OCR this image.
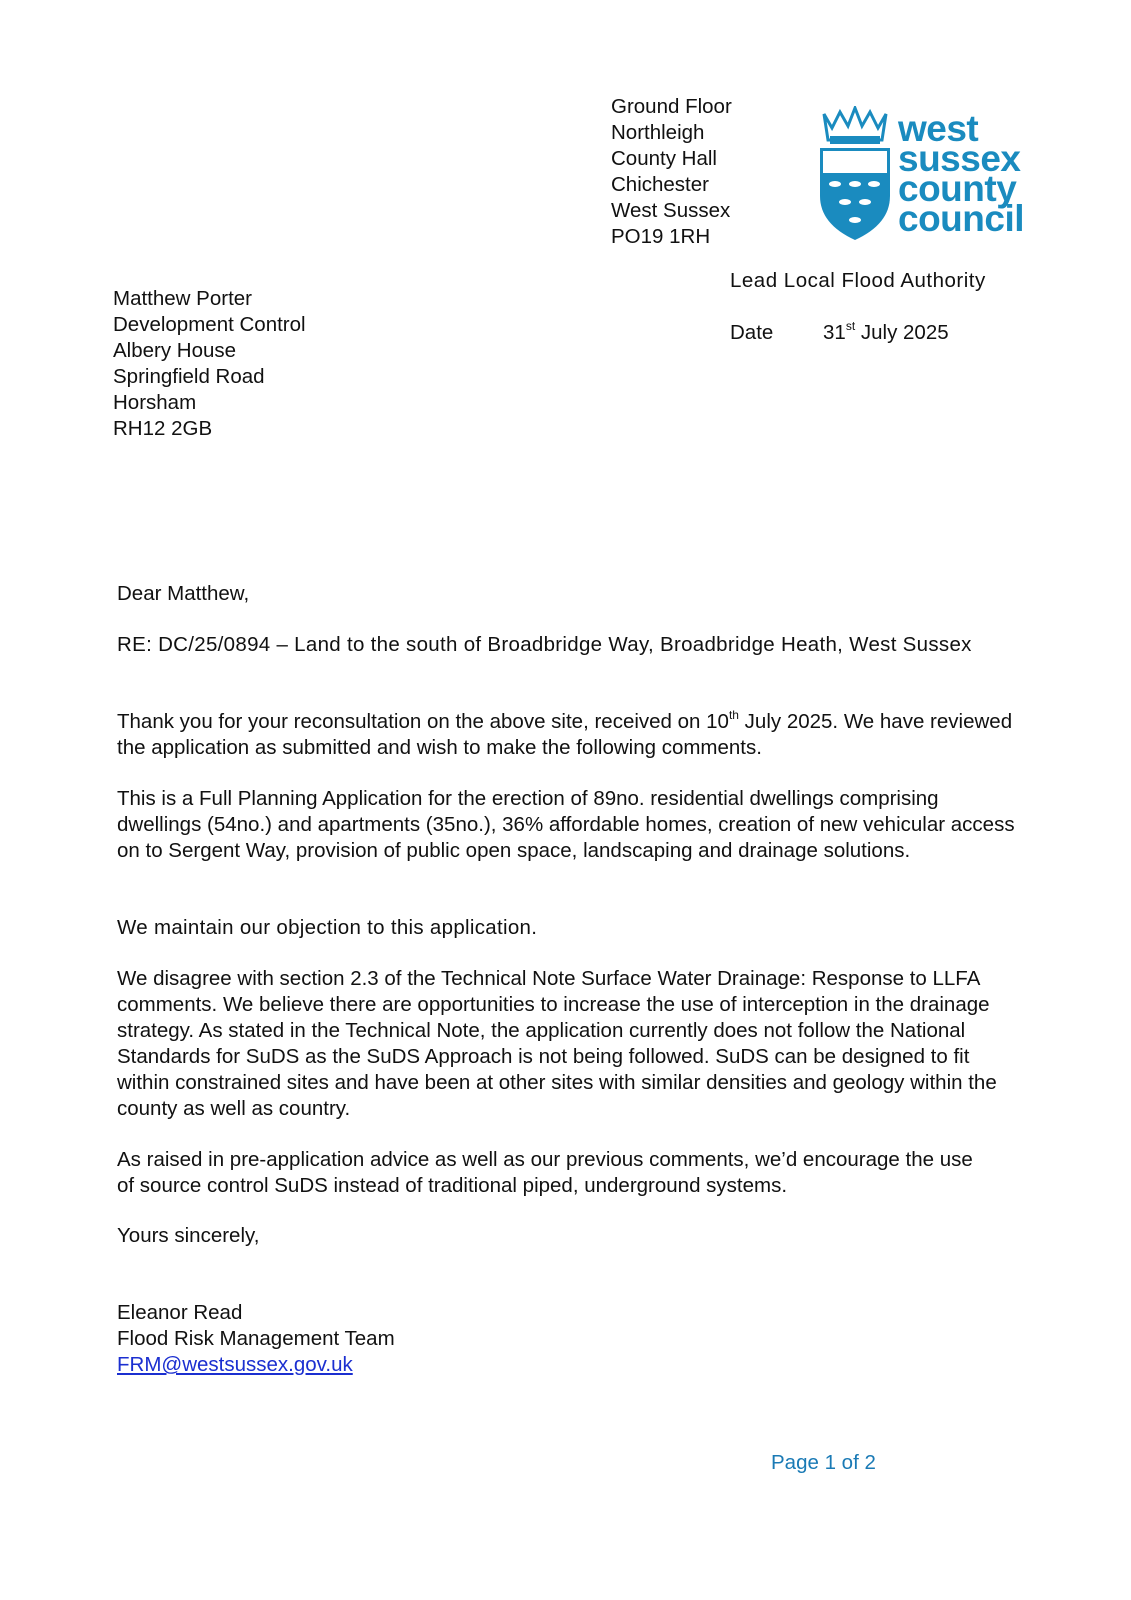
Ground Floor
Northleigh
County Hall
Chichester
West Sussex
PO19 1RH
west
sussex
county
council
Lead Local Flood Authority
Date 31st July 2025
Matthew Porter
Development Control
Albery House
Springfield Road
Horsham
RH12 2GB

Dear Matthew,

RE: DC/25/0894 – Land to the south of Broadbridge Way, Broadbridge Heath, West Sussex

Thank you for your reconsultation on the above site, received on 10th July 2025. We have reviewed the application as submitted and wish to make the following comments.

This is a Full Planning Application for the erection of 89no. residential dwellings comprising dwellings (54no.) and apartments (35no.), 36% affordable homes, creation of new vehicular access on to Sergent Way, provision of public open space, landscaping and drainage solutions.

We maintain our objection to this application.

We disagree with section 2.3 of the Technical Note Surface Water Drainage: Response to LLFA comments. We believe there are opportunities to increase the use of interception in the drainage strategy. As stated in the Technical Note, the application currently does not follow the National Standards for SuDS as the SuDS Approach is not being followed. SuDS can be designed to fit within constrained sites and have been at other sites with similar densities and geology within the county as well as country.

As raised in pre-application advice as well as our previous comments, we’d encourage the use of source control SuDS instead of traditional piped, underground systems.

Yours sincerely,

Eleanor Read
Flood Risk Management Team
FRM@westsussex.gov.uk
Page 1 of 2
